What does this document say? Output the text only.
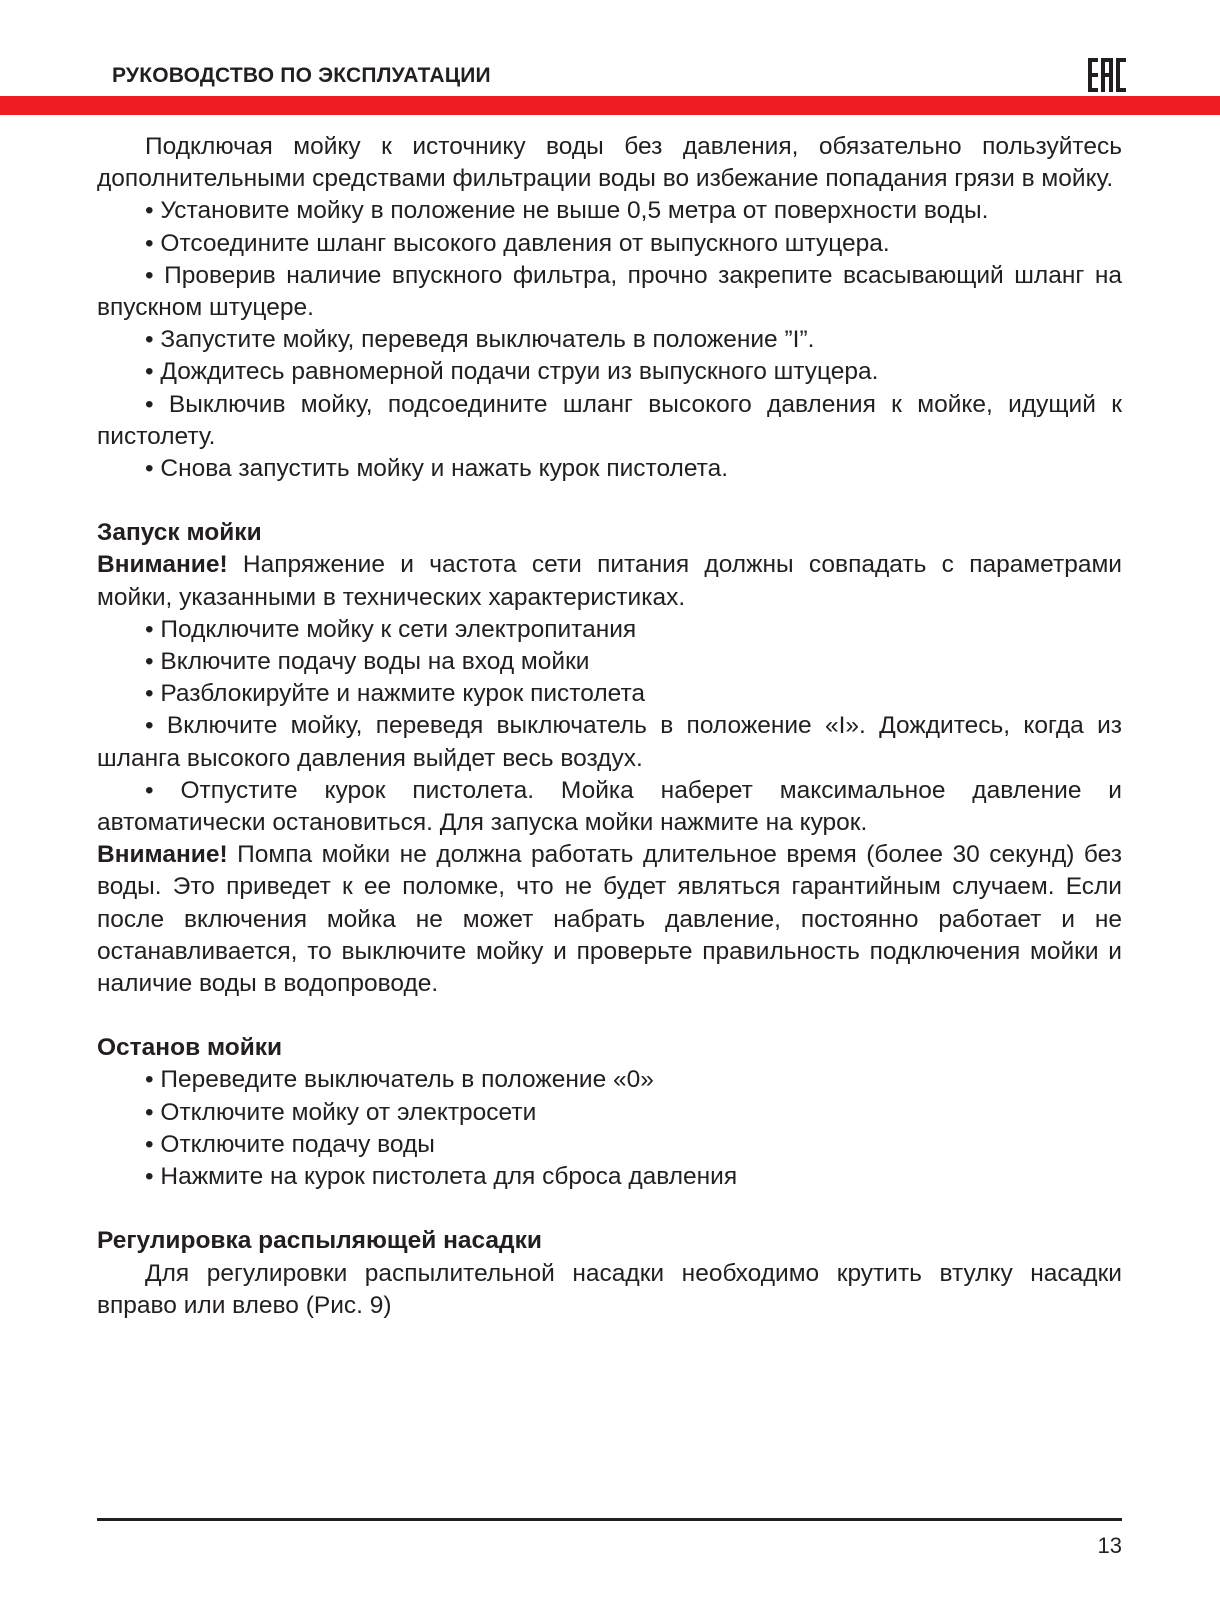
РУКОВОДСТВО ПО ЭКСПЛУАТАЦИИ

Подключая мойку к источнику воды без давления, обязательно пользуйтесь дополнительными средствами фильтрации воды во избежание попадания грязи в мойку.

• Установите мойку в положение не выше 0,5 метра от поверхности воды.

• Отсоедините шланг высокого давления от выпускного штуцера.

• Проверив наличие впускного фильтра, прочно закрепите всасывающий шланг на впускном штуцере.

• Запустите мойку, переведя выключатель в положение ”I”.

• Дождитесь равномерной подачи струи из выпускного штуцера.

• Выключив мойку, подсоедините шланг высокого давления к мойке, идущий к пистолету.

• Снова запустить мойку и нажать курок пистолета.

Запуск мойки

Внимание! Напряжение и частота сети питания должны совпадать с параметрами мойки, указанными в технических характеристиках.

• Подключите мойку к сети электропитания

• Включите подачу воды на вход мойки

• Разблокируйте и нажмите курок пистолета

• Включите мойку, переведя выключатель в положение «I». Дождитесь, когда из шланга высокого давления выйдет весь воздух.

• Отпустите курок пистолета. Мойка наберет максимальное давление и автоматически остановиться. Для запуска мойки нажмите на курок.

Внимание! Помпа мойки не должна работать длительное время (более 30 секунд) без воды. Это приведет к ее поломке, что не будет являться гарантийным случаем. Если после включения мойка не может набрать давление, постоянно работает и не останавливается, то выключите мойку и проверьте правильность подключения мойки и наличие воды в водопроводе.

Останов мойки

• Переведите выключатель в положение «0»

• Отключите мойку от электросети

• Отключите подачу воды

• Нажмите на курок пистолета для сброса давления

Регулировка распыляющей насадки

Для регулировки распылительной насадки необходимо крутить втулку насадки вправо или влево (Рис. 9)

13
